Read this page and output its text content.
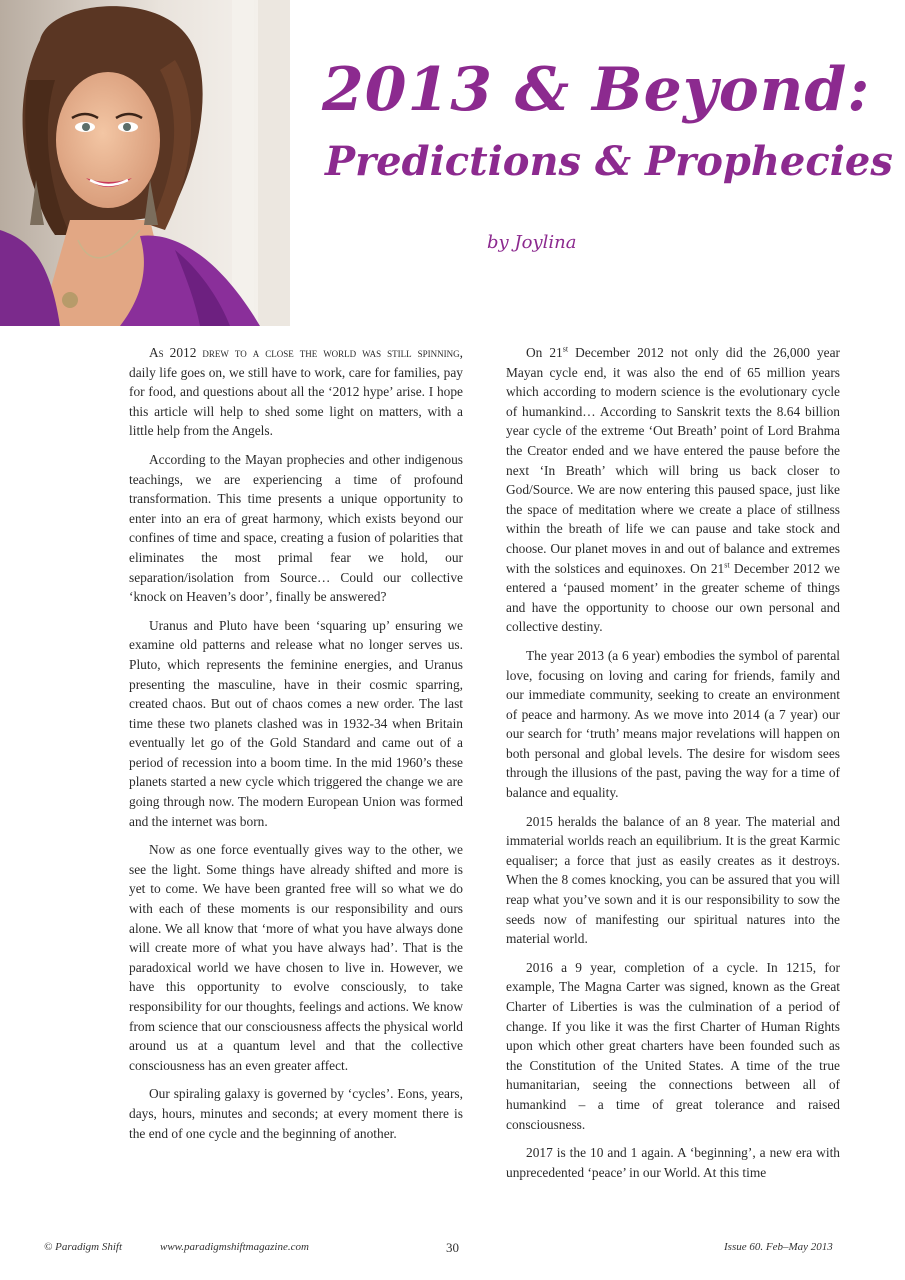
2013 & Beyond:
Predictions & Prophecies
by Joylina

As 2012 drew to a close the world was still spinning, daily life goes on, we still have to work, care for families, pay for food, and questions about all the ‘2012 hype’ arise. I hope this article will help to shed some light on matters, with a little help from the Angels.

According to the Mayan prophecies and other indigenous teachings, we are experiencing a time of profound transformation. This time presents a unique opportunity to enter into an era of great harmony, which exists beyond our confines of time and space, creating a fusion of polarities that eliminates the most primal fear we hold, our separation/isolation from Source… Could our collective ‘knock on Heaven’s door’, finally be answered?

Uranus and Pluto have been ‘squaring up’ ensuring we examine old patterns and release what no longer serves us. Pluto, which represents the feminine energies, and Uranus presenting the masculine, have in their cosmic sparring, created chaos. But out of chaos comes a new order. The last time these two planets clashed was in 1932-34 when Britain eventually let go of the Gold Standard and came out of a period of recession into a boom time. In the mid 1960’s these planets started a new cycle which triggered the change we are going through now. The modern European Union was formed and the internet was born.

Now as one force eventually gives way to the other, we see the light. Some things have already shifted and more is yet to come. We have been granted free will so what we do with each of these moments is our responsibility and ours alone. We all know that ‘more of what you have always done will create more of what you have always had’. That is the paradoxical world we have chosen to live in. However, we have this opportunity to evolve consciously, to take responsibility for our thoughts, feelings and actions. We know from science that our consciousness affects the physical world around us at a quantum level and that the collective consciousness has an even greater affect.

Our spiraling galaxy is governed by ‘cycles’. Eons, years, days, hours, minutes and seconds; at every moment there is the end of one cycle and the beginning of another.

On 21st December 2012 not only did the 26,000 year Mayan cycle end, it was also the end of 65 million years which according to modern science is the evolutionary cycle of humankind… According to Sanskrit texts the 8.64 billion year cycle of the extreme ‘Out Breath’ point of Lord Brahma the Creator ended and we have entered the pause before the next ‘In Breath’ which will bring us back closer to God/Source. We are now entering this paused space, just like the space of meditation where we create a place of stillness within the breath of life we can pause and take stock and choose. Our planet moves in and out of balance and extremes with the solstices and equinoxes. On 21st December 2012 we entered a ‘paused moment’ in the greater scheme of things and have the opportunity to choose our own personal and collective destiny.

The year 2013 (a 6 year) embodies the symbol of parental love, focusing on loving and caring for friends, family and our immediate community, seeking to create an environment of peace and harmony. As we move into 2014 (a 7 year) our our search for ‘truth’ means major revelations will happen on both personal and global levels. The desire for wisdom sees through the illusions of the past, paving the way for a time of balance and equality.

2015 heralds the balance of an 8 year. The material and immaterial worlds reach an equilibrium. It is the great Karmic equaliser; a force that just as easily creates as it destroys. When the 8 comes knocking, you can be assured that you will reap what you’ve sown and it is our responsibility to sow the seeds now of manifesting our spiritual natures into the material world.

2016 a 9 year, completion of a cycle. In 1215, for example, The Magna Carter was signed, known as the Great Charter of Liberties is was the culmination of a period of change. If you like it was the first Charter of Human Rights upon which other great charters have been founded such as the Constitution of the United States. A time of the true humanitarian, seeing the connections between all of humankind – a time of great tolerance and raised consciousness.

2017 is the 10 and 1 again. A ‘beginning’, a new era with unprecedented ‘peace’ in our World. At this time

© Paradigm Shift	www.paradigmshiftmagazine.com	30	Issue 60. Feb–May 2013
